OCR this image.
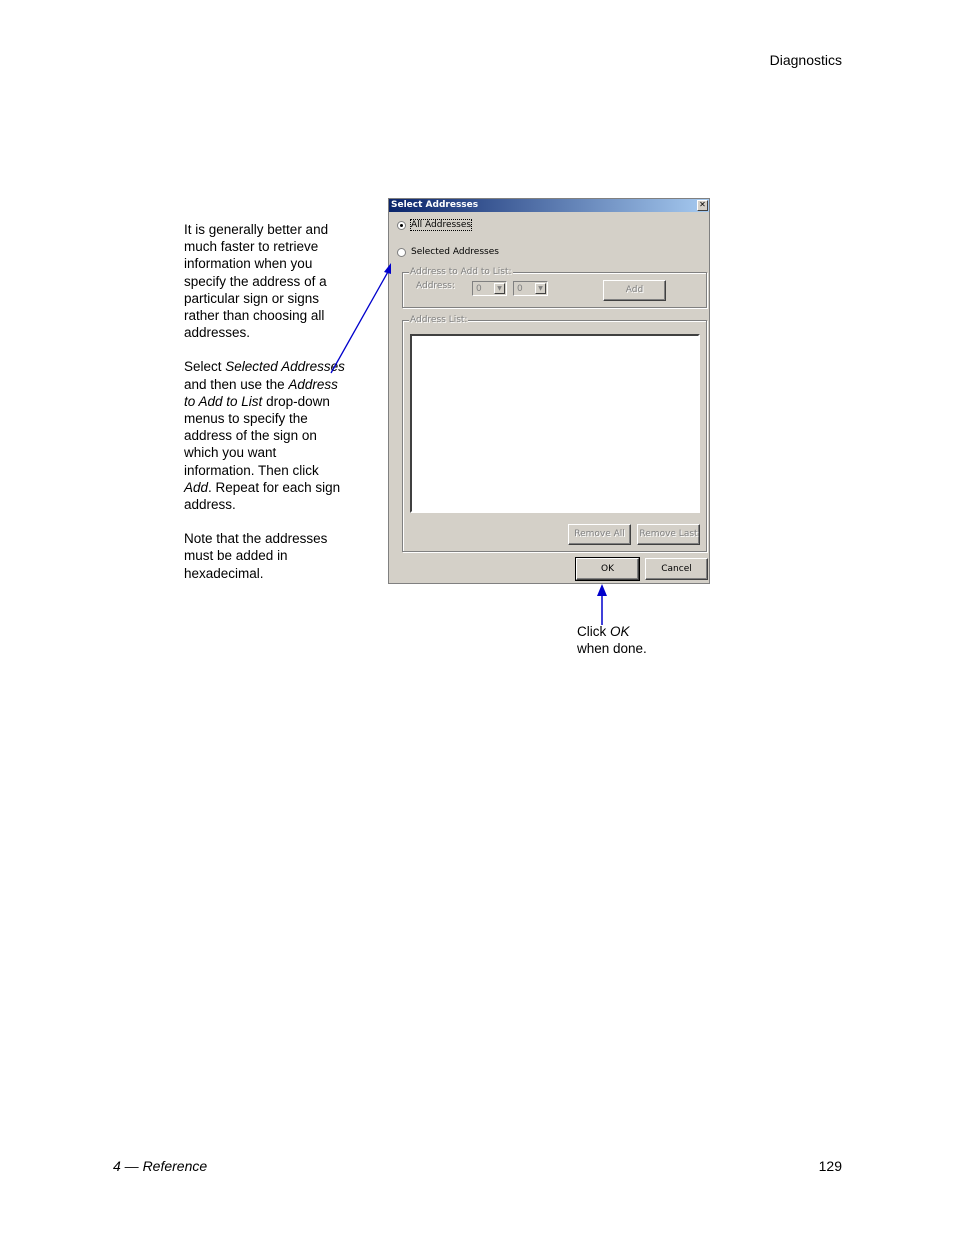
Diagnostics

It is generally better and much faster to retrieve information when you specify the address of a particular sign or signs rather than choosing all addresses.

Select Selected Addresses and then use the Address to Add to List drop-down menus to specify the address of the sign on which you want information. Then click Add. Repeat for each sign address.

Note that the addresses must be added in hexadecimal.

Select Addresses	✕
All Addresses
Selected Addresses
Address to Add to List:
Address: 0	▼	0	▼	Add
Address List:
Remove All	Remove Last
OK	Cancel
Click OK
when done.
4 — Reference	129
